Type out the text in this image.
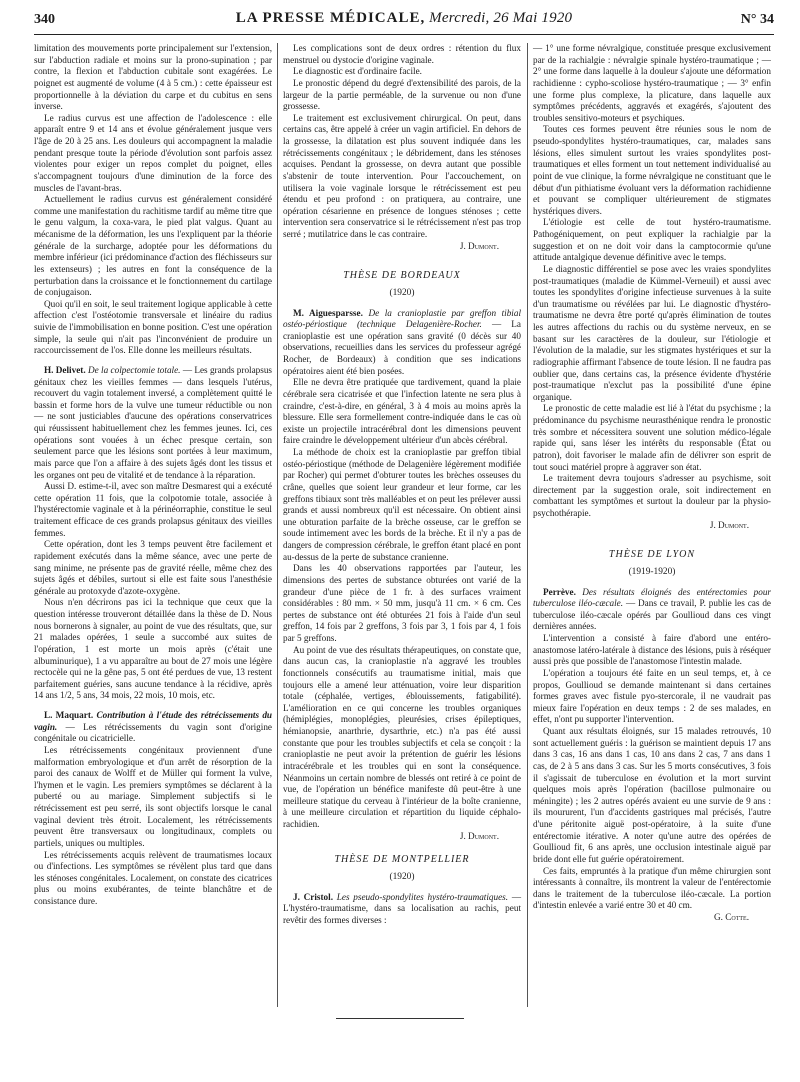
340	LA PRESSE MÉDICALE, Mercredi, 26 Mai 1920	N° 34

limitation des mouvements porte principalement sur l'extension, sur l'abduction radiale et moins sur la prono-supination ; par contre, la flexion et l'abduction cubitale sont exagérées. Le poignet est augmenté de volume (4 à 5 cm.) : cette épaisseur est proportionnelle à la déviation du carpe et du cubitus en sens inverse.

Le radius curvus est une affection de l'adolescence : elle apparaît entre 9 et 14 ans et évolue généralement jusque vers l'âge de 20 à 25 ans. Les douleurs qui accompagnent la maladie pendant presque toute la période d'évolution sont parfois assez violentes pour exiger un repos complet du poignet, elles s'accompagnent toujours d'une diminution de la force des muscles de l'avant-bras.

Actuellement le radius curvus est généralement considéré comme une manifestation du rachitisme tardif au même titre que le genu valgum, la coxa-vara, le pied plat valgus. Quant au mécanisme de la déformation, les uns l'expliquent par la théorie générale de la surcharge, adoptée pour les déformations du membre inférieur (ici prédominance d'action des fléchisseurs sur les extenseurs) ; les autres en font la conséquence de la perturbation dans la croissance et le fonctionnement du cartilage de conjugaison.

Quoi qu'il en soit, le seul traitement logique applicable à cette affection c'est l'ostéotomie transversale et linéaire du radius suivie de l'immobilisation en bonne position. C'est une opération simple, la seule qui n'ait pas l'inconvénient de produire un raccourcissement de l'os. Elle donne les meilleurs résultats.

H. Delivet. De la colpectomie totale. — Les grands prolapsus génitaux chez les vieilles femmes — dans lesquels l'utérus, recouvert du vagin totalement inversé, a complètement quitté le bassin et forme hors de la vulve une tumeur réductible ou non — ne sont justiciables d'aucune des opérations conservatrices qui réussissent habituellement chez les femmes jeunes. Ici, ces opérations sont vouées à un échec presque certain, son seulement parce que les lésions sont portées à leur maximum, mais parce que l'on a affaire à des sujets âgés dont les tissus et les organes ont peu de vitalité et de tendance à la réparation.

Aussi D. estime-t-il, avec son maître Desmarest qui a exécuté cette opération 11 fois, que la colpotomie totale, associée à l'hystérectomie vaginale et à la périnéorraphie, constitue le seul traitement efficace de ces grands prolapsus génitaux des vieilles femmes.

Cette opération, dont les 3 temps peuvent être facilement et rapidement exécutés dans la même séance, avec une perte de sang minime, ne présente pas de gravité réelle, même chez des sujets âgés et débiles, surtout si elle est faite sous l'anesthésie générale au protoxyde d'azote-oxygène.

Nous n'en décrirons pas ici la technique que ceux que la question intéresse trouveront détaillée dans la thèse de D. Nous nous bornerons à signaler, au point de vue des résultats, que, sur 21 malades opérées, 1 seule a succombé aux suites de l'opération, 1 est morte un mois après (c'était une albuminurique), 1 a vu apparaître au bout de 27 mois une légère rectocèle qui ne la gêne pas, 5 ont été perdues de vue, 13 restent parfaitement guéries, sans aucune tendance à la récidive, après 14 ans 1/2, 5 ans, 34 mois, 22 mois, 10 mois, etc.

L. Maquart. Contribution à l'étude des rétrécissements du vagin. — Les rétrécissements du vagin sont d'origine congénitale ou cicatricielle.

Les rétrécissements congénitaux proviennent d'une malformation embryologique et d'un arrêt de résorption de la paroi des canaux de Wolff et de Müller qui forment la vulve, l'hymen et le vagin. Les premiers symptômes se déclarent à la puberté ou au mariage. Simplement subjectifs si le rétrécissement est peu serré, ils sont objectifs lorsque le canal vaginal devient très étroit. Localement, les rétrécissements peuvent être transversaux ou longitudinaux, complets ou partiels, uniques ou multiples.

Les rétrécissements acquis relèvent de traumatismes locaux ou d'infections. Les symptômes se révèlent plus tard que dans les sténoses congénitales. Localement, on constate des cicatrices plus ou moins exubérantes, de teinte blanchâtre et de consistance dure.

Les complications sont de deux ordres : rétention du flux menstruel ou dystocie d'origine vaginale.

Le diagnostic est d'ordinaire facile.

Le pronostic dépend du degré d'extensibilité des parois, de la largeur de la partie perméable, de la survenue ou non d'une grossesse.

Le traitement est exclusivement chirurgical. On peut, dans certains cas, être appelé à créer un vagin artificiel. En dehors de la grossesse, la dilatation est plus souvent indiquée dans les rétrécissements congénitaux ; le débridement, dans les sténoses acquises. Pendant la grossesse, on devra autant que possible s'abstenir de toute intervention. Pour l'accouchement, on utilisera la voie vaginale lorsque le rétrécissement est peu étendu et peu profond : on pratiquera, au contraire, une opération césarienne en présence de longues sténoses ; cette intervention sera conservatrice si le rétrécissement n'est pas trop serré ; mutilatrice dans le cas contraire.

J. Dumont.
THÈSE DE BORDEAUX
(1920)

M. Aiguesparsse. De la cranioplastie par greffon tibial ostéo-périostique (technique Delagenière-Rocher. — La cranioplastie est une opération sans gravité (0 décès sur 40 observations, recueillies dans les services du professeur agrégé Rocher, de Bordeaux) à condition que ses indications opératoires aient été bien posées.

Elle ne devra être pratiquée que tardivement, quand la plaie cérébrale sera cicatrisée et que l'infection latente ne sera plus à craindre, c'est-à-dire, en général, 3 à 4 mois au moins après la blessure. Elle sera formellement contre-indiquée dans le cas où existe un projectile intracérébral dont les dimensions peuvent faire craindre le développement ultérieur d'un abcès cérébral.

La méthode de choix est la cranioplastie par greffon tibial ostéo-périostique (méthode de Delagenière légèrement modifiée par Rocher) qui permet d'obturer toutes les brèches osseuses du crâne, quelles que soient leur grandeur et leur forme, car les greffons tibiaux sont très malléables et on peut les prélever aussi grands et aussi nombreux qu'il est nécessaire. On obtient ainsi une obturation parfaite de la brèche osseuse, car le greffon se soude intimement avec les bords de la brèche. Et il n'y a pas de dangers de compression cérébrale, le greffon étant placé en pont au-dessus de la perte de substance cranienne.

Dans les 40 observations rapportées par l'auteur, les dimensions des pertes de substance obturées ont varié de la grandeur d'une pièce de 1 fr. à des surfaces vraiment considérables : 80 mm. × 50 mm, jusqu'à 11 cm. × 6 cm. Ces pertes de substance ont été obturées 21 fois à l'aide d'un seul greffon, 14 fois par 2 greffons, 3 fois par 3, 1 fois par 4, 1 fois par 5 greffons.

Au point de vue des résultats thérapeutiques, on constate que, dans aucun cas, la cranioplastie n'a aggravé les troubles fonctionnels consécutifs au traumatisme initial, mais que toujours elle a amené leur atténuation, voire leur disparition totale (céphalée, vertiges, éblouissements, fatigabilité). L'amélioration en ce qui concerne les troubles organiques (hémiplégies, monoplégies, pleurésies, crises épileptiques, hémianopsie, anarthrie, dysarthrie, etc.) n'a pas été aussi constante que pour les troubles subjectifs et cela se conçoit : la cranioplastie ne peut avoir la prétention de guérir les lésions intracérébrale et les troubles qui en sont la conséquence. Néanmoins un certain nombre de blessés ont retiré à ce point de vue, de l'opération un bénéfice manifeste dû peut-être à une meilleure statique du cerveau à l'intérieur de la boîte cranienne, à une meilleure circulation et répartition du liquide céphalo-rachidien.

J. Dumont.
THÈSE DE MONTPELLIER
(1920)

J. Cristol. Les pseudo-spondylites hystéro-traumatiques. — L'hystéro-traumatisme, dans sa localisation au rachis, peut revêtir des formes diverses :

— 1° une forme névralgique, constituée presque exclusivement par de la rachialgie : névralgie spinale hystéro-traumatique ; — 2° une forme dans laquelle à la douleur s'ajoute une déformation rachidienne : cypho-scoliose hystéro-traumatique ; — 3° enfin une forme plus complexe, la plicature, dans laquelle aux symptômes précédents, aggravés et exagérés, s'ajoutent des troubles sensitivo-moteurs et psychiques.

Toutes ces formes peuvent être réunies sous le nom de pseudo-spondylites hystéro-traumatiques, car, malades sans lésions, elles simulent surtout les vraies spondylites post-traumatiques et elles forment un tout nettement individualisé au point de vue clinique, la forme névralgique ne constituant que le début d'un pithiatisme évoluant vers la déformation rachidienne et pouvant se compliquer ultérieurement de stigmates hystériques divers.

L'étiologie est celle de tout hystéro-traumatisme. Pathogéniquement, on peut expliquer la rachialgie par la suggestion et on ne doit voir dans la camptocormie qu'une attitude antalgique devenue définitive avec le temps.

Le diagnostic différentiel se pose avec les vraies spondylites post-traumatiques (maladie de Kümmel-Verneuil) et aussi avec toutes les spondylites d'origine infectieuse survenues à la suite d'un traumatisme ou révélées par lui. Le diagnostic d'hystéro-traumatisme ne devra être porté qu'après élimination de toutes les autres affections du rachis ou du système nerveux, en se basant sur les caractères de la douleur, sur l'étiologie et l'évolution de la maladie, sur les stigmates hystériques et sur la radiographie affirmant l'absence de toute lésion. Il ne faudra pas oublier que, dans certains cas, la présence évidente d'hystérie post-traumatique n'exclut pas la possibilité d'une épine organique.

Le pronostic de cette maladie est lié à l'état du psychisme ; la prédominance du psychisme neurasthénique rendra le pronostic très sombre et nécessitera souvent une solution médico-légale rapide qui, sans léser les intérêts du responsable (État ou patron), doit favoriser le malade afin de délivrer son esprit de tout souci matériel propre à aggraver son état.

Le traitement devra toujours s'adresser au psychisme, soit directement par la suggestion orale, soit indirectement en combattant les symptômes et surtout la douleur par la physio-psychothérapie.

J. Dumont.
THÈSE DE LYON
(1919-1920)

Perrève. Des résultats éloignés des entérectomies pour tuberculose iléo-cæcale. — Dans ce travail, P. publie les cas de tuberculose iléo-cæcale opérés par Goullioud dans ces vingt dernières années.

L'intervention a consisté à faire d'abord une entéro-anastomose latéro-latérale à distance des lésions, puis à réséquer aussi près que possible de l'anastomose l'intestin malade.

L'opération a toujours été faite en un seul temps, et, à ce propos, Goullioud se demande maintenant si dans certaines formes graves avec fistule pyo-stercorale, il ne vaudrait pas mieux faire l'opération en deux temps : 2 de ses malades, en effet, n'ont pu supporter l'intervention.

Quant aux résultats éloignés, sur 15 malades retrouvés, 10 sont actuellement guéris : la guérison se maintient depuis 17 ans dans 3 cas, 16 ans dans 1 cas, 10 ans dans 2 cas, 7 ans dans 1 cas, de 2 à 5 ans dans 3 cas. Sur les 5 morts consécutives, 3 fois il s'agissait de tuberculose en évolution et la mort survint quelques mois après l'opération (bacillose pulmonaire ou méningite) ; les 2 autres opérés avaient eu une survie de 9 ans : ils moururent, l'un d'accidents gastriques mal précisés, l'autre d'une péritonite aiguë post-opératoire, à la suite d'une entérectomie itérative. A noter qu'une autre des opérées de Goullioud fit, 6 ans après, une occlusion intestinale aiguë par bride dont elle fut guérie opératoirement.

Ces faits, empruntés à la pratique d'un même chirurgien sont intéressants à connaître, ils montrent la valeur de l'entérectomie dans le traitement de la tuberculose iléo-cæcale. La portion d'intestin enlevée a varié entre 30 et 40 cm.

G. Cotte.
